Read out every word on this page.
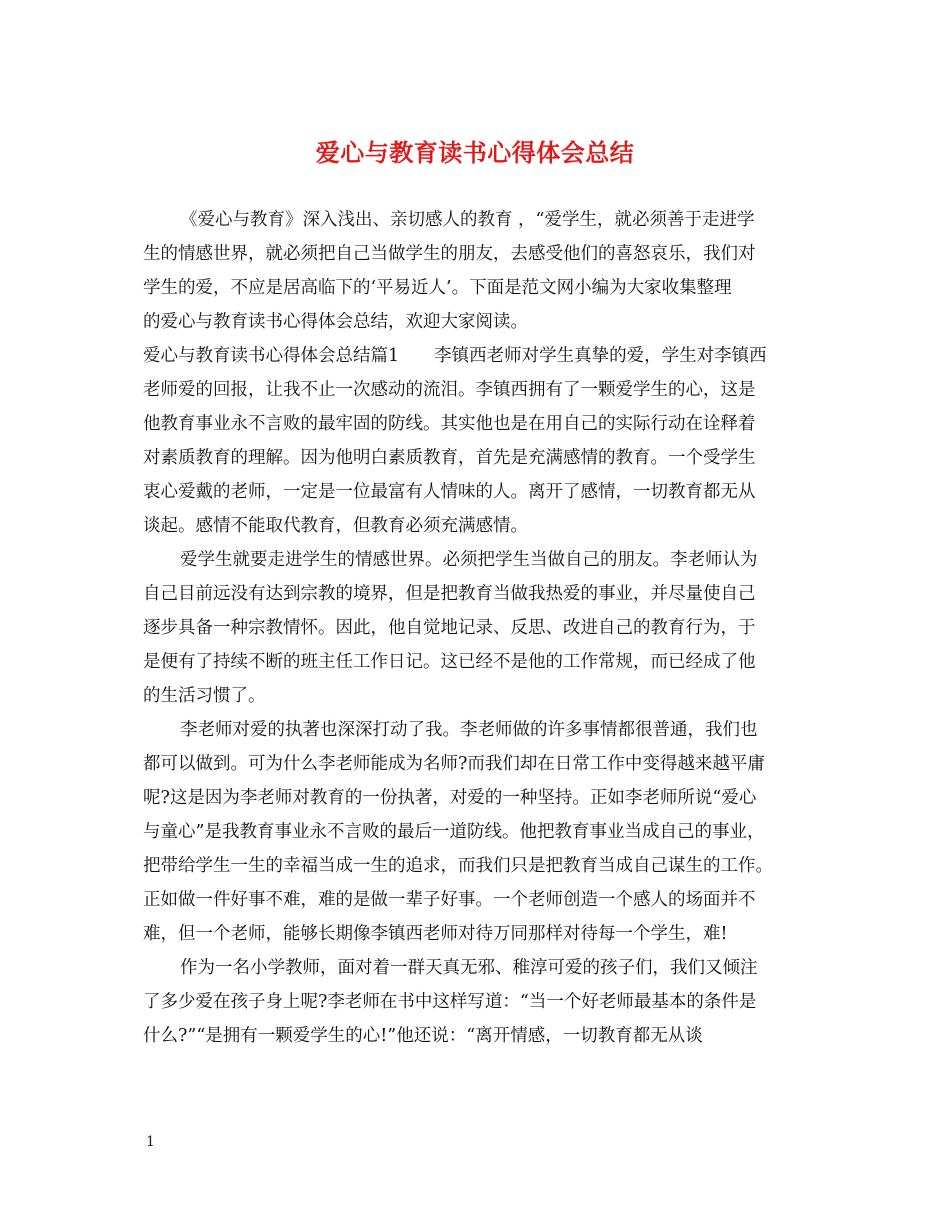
爱心与教育读书心得体会总结
《爱心与教育》深入浅出、亲切感人的教育 ，“爱学生，就必须善于走进学
生的情感世界，就必须把自己当做学生的朋友，去感受他们的喜怒哀乐，我们对
学生的爱，不应是居高临下的‘平易近人’。下面是范文网小编为大家收集整理
的爱心与教育读书心得体会总结，欢迎大家阅读。
爱心与教育读书心得体会总结篇1　　李镇西老师对学生真挚的爱，学生对李镇西
老师爱的回报，让我不止一次感动的流泪。李镇西拥有了一颗爱学生的心，这是
他教育事业永不言败的最牢固的防线。其实他也是在用自己的实际行动在诠释着
对素质教育的理解。因为他明白素质教育，首先是充满感情的教育。一个受学生
衷心爱戴的老师，一定是一位最富有人情味的人。离开了感情，一切教育都无从
谈起。感情不能取代教育，但教育必须充满感情。
爱学生就要走进学生的情感世界。必须把学生当做自己的朋友。李老师认为
自己目前远没有达到宗教的境界，但是把教育当做我热爱的事业，并尽量使自己
逐步具备一种宗教情怀。因此，他自觉地记录、反思、改进自己的教育行为，于
是便有了持续不断的班主任工作日记。这已经不是他的工作常规，而已经成了他
的生活习惯了。
李老师对爱的执著也深深打动了我。李老师做的许多事情都很普通，我们也
都可以做到。可为什么李老师能成为名师?而我们却在日常工作中变得越来越平庸
呢?这是因为李老师对教育的一份执著，对爱的一种坚持。正如李老师所说“爱心
与童心”是我教育事业永不言败的最后一道防线。他把教育事业当成自己的事业，
把带给学生一生的幸福当成一生的追求，而我们只是把教育当成自己谋生的工作。
正如做一件好事不难，难的是做一辈子好事。一个老师创造一个感人的场面并不
难，但一个老师，能够长期像李镇西老师对待万同那样对待每一个学生，难!
作为一名小学教师，面对着一群天真无邪、稚淳可爱的孩子们，我们又倾注
了多少爱在孩子身上呢?李老师在书中这样写道：“当一个好老师最基本的条件是
什么?”“是拥有一颗爱学生的心!”他还说：“离开情感，一切教育都无从谈
1
